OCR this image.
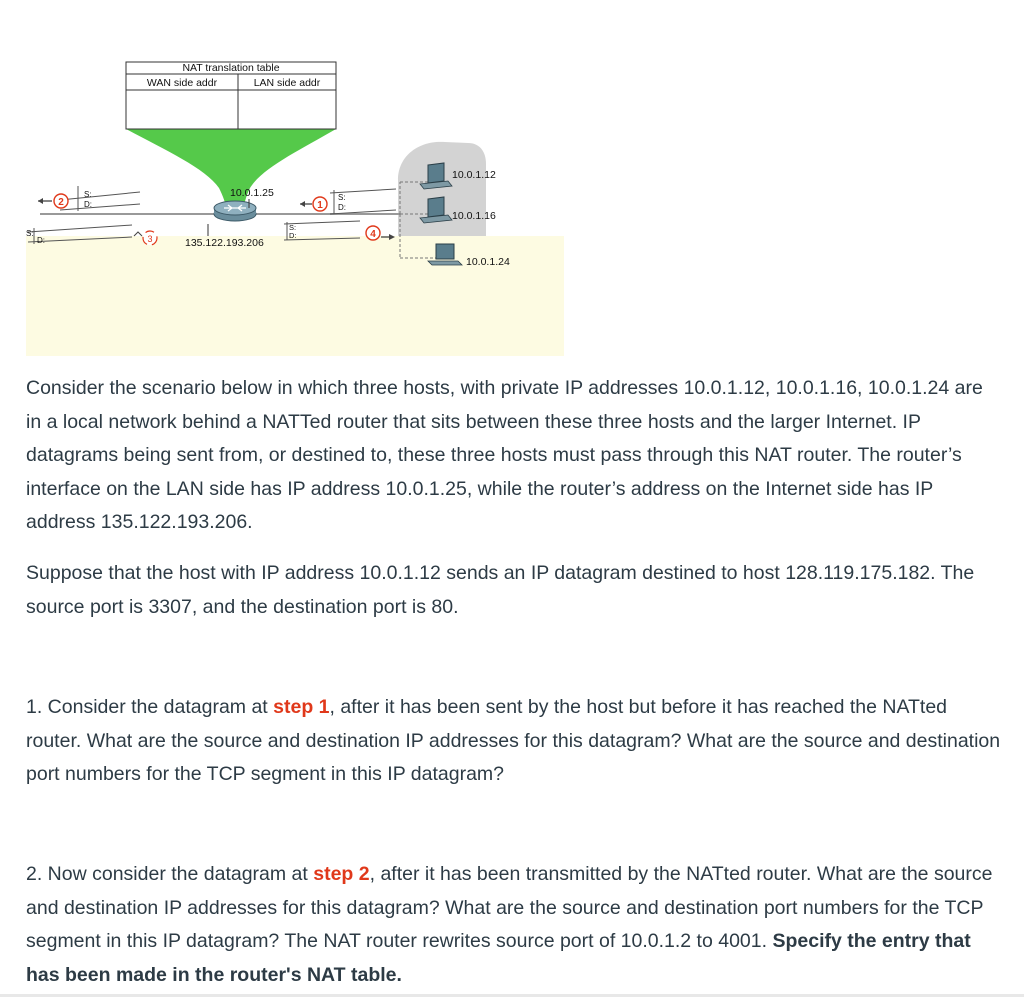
NAT translation table
WAN side addr	LAN side addr
10.0.1.25
135.122.193.206
10.0.1.12
10.0.1.16
10.0.1.24
S:
D:
2
S:
D:	3
S:
D:
1
S:
D:	4
Consider the scenario below in which three hosts, with private IP addresses 10.0.1.12, 10.0.1.16, 10.0.1.24 are in a local network behind a NATTed router that sits between these three hosts and the larger Internet. IP datagrams being sent from, or destined to, these three hosts must pass through this NAT router. The router’s interface on the LAN side has IP address 10.0.1.25, while the router’s address on the Internet side has IP address 135.122.193.206.
Suppose that the host with IP address 10.0.1.12 sends an IP datagram destined to host 128.119.175.182. The source port is 3307, and the destination port is 80.
1. Consider the datagram at step 1, after it has been sent by the host but before it has reached the NATted router. What are the source and destination IP addresses for this datagram? What are the source and destination port numbers for the TCP segment in this IP datagram?
2. Now consider the datagram at step 2, after it has been transmitted by the NATted router. What are the source and destination IP addresses for this datagram? What are the source and destination port numbers for the TCP segment in this IP datagram? The NAT router rewrites source port of 10.0.1.2 to 4001. Specify the entry that has been made in the router's NAT table.
